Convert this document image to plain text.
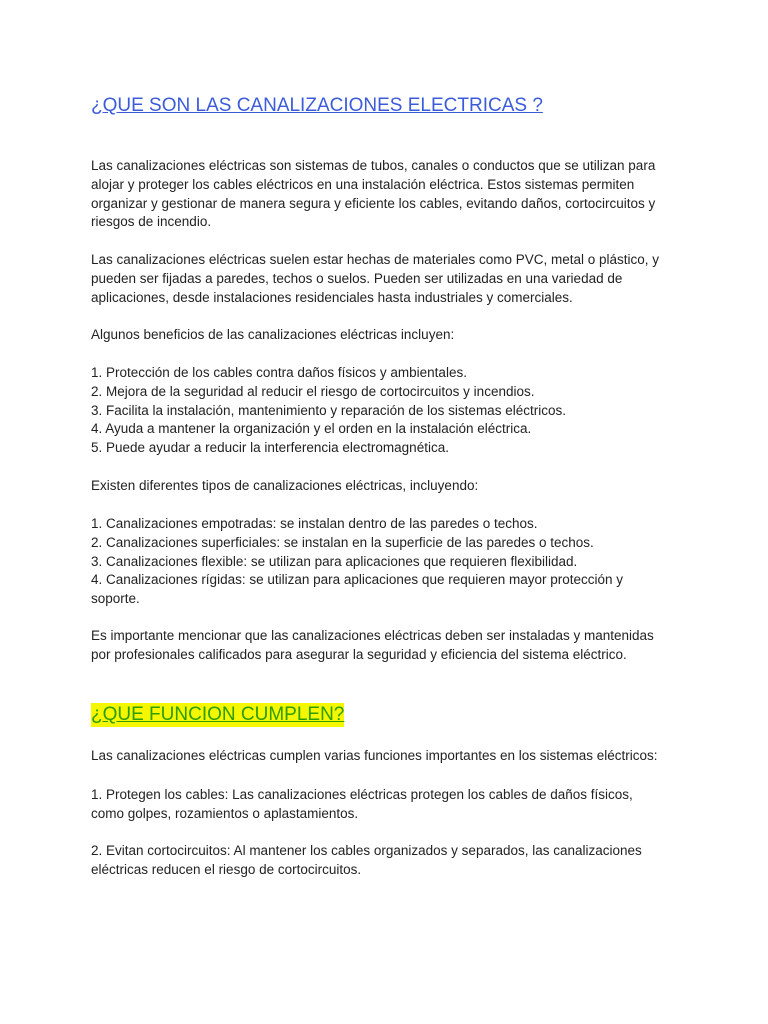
¿QUE SON LAS CANALIZACIONES ELECTRICAS ?
Las canalizaciones eléctricas son sistemas de tubos, canales o conductos que se utilizan para
alojar y proteger los cables eléctricos en una instalación eléctrica. Estos sistemas permiten
organizar y gestionar de manera segura y eficiente los cables, evitando daños, cortocircuitos y
riesgos de incendio.
Las canalizaciones eléctricas suelen estar hechas de materiales como PVC, metal o plástico, y
pueden ser fijadas a paredes, techos o suelos. Pueden ser utilizadas en una variedad de
aplicaciones, desde instalaciones residenciales hasta industriales y comerciales.
Algunos beneficios de las canalizaciones eléctricas incluyen:
1. Protección de los cables contra daños físicos y ambientales.
2. Mejora de la seguridad al reducir el riesgo de cortocircuitos y incendios.
3. Facilita la instalación, mantenimiento y reparación de los sistemas eléctricos.
4. Ayuda a mantener la organización y el orden en la instalación eléctrica.
5. Puede ayudar a reducir la interferencia electromagnética.
Existen diferentes tipos de canalizaciones eléctricas, incluyendo:
1. Canalizaciones empotradas: se instalan dentro de las paredes o techos.
2. Canalizaciones superficiales: se instalan en la superficie de las paredes o techos.
3. Canalizaciones flexible: se utilizan para aplicaciones que requieren flexibilidad.
4. Canalizaciones rígidas: se utilizan para aplicaciones que requieren mayor protección y
soporte.
Es importante mencionar que las canalizaciones eléctricas deben ser instaladas y mantenidas
por profesionales calificados para asegurar la seguridad y eficiencia del sistema eléctrico.
¿QUE FUNCION CUMPLEN?
Las canalizaciones eléctricas cumplen varias funciones importantes en los sistemas eléctricos:
1. Protegen los cables: Las canalizaciones eléctricas protegen los cables de daños físicos,
como golpes, rozamientos o aplastamientos.
2. Evitan cortocircuitos: Al mantener los cables organizados y separados, las canalizaciones
eléctricas reducen el riesgo de cortocircuitos.
